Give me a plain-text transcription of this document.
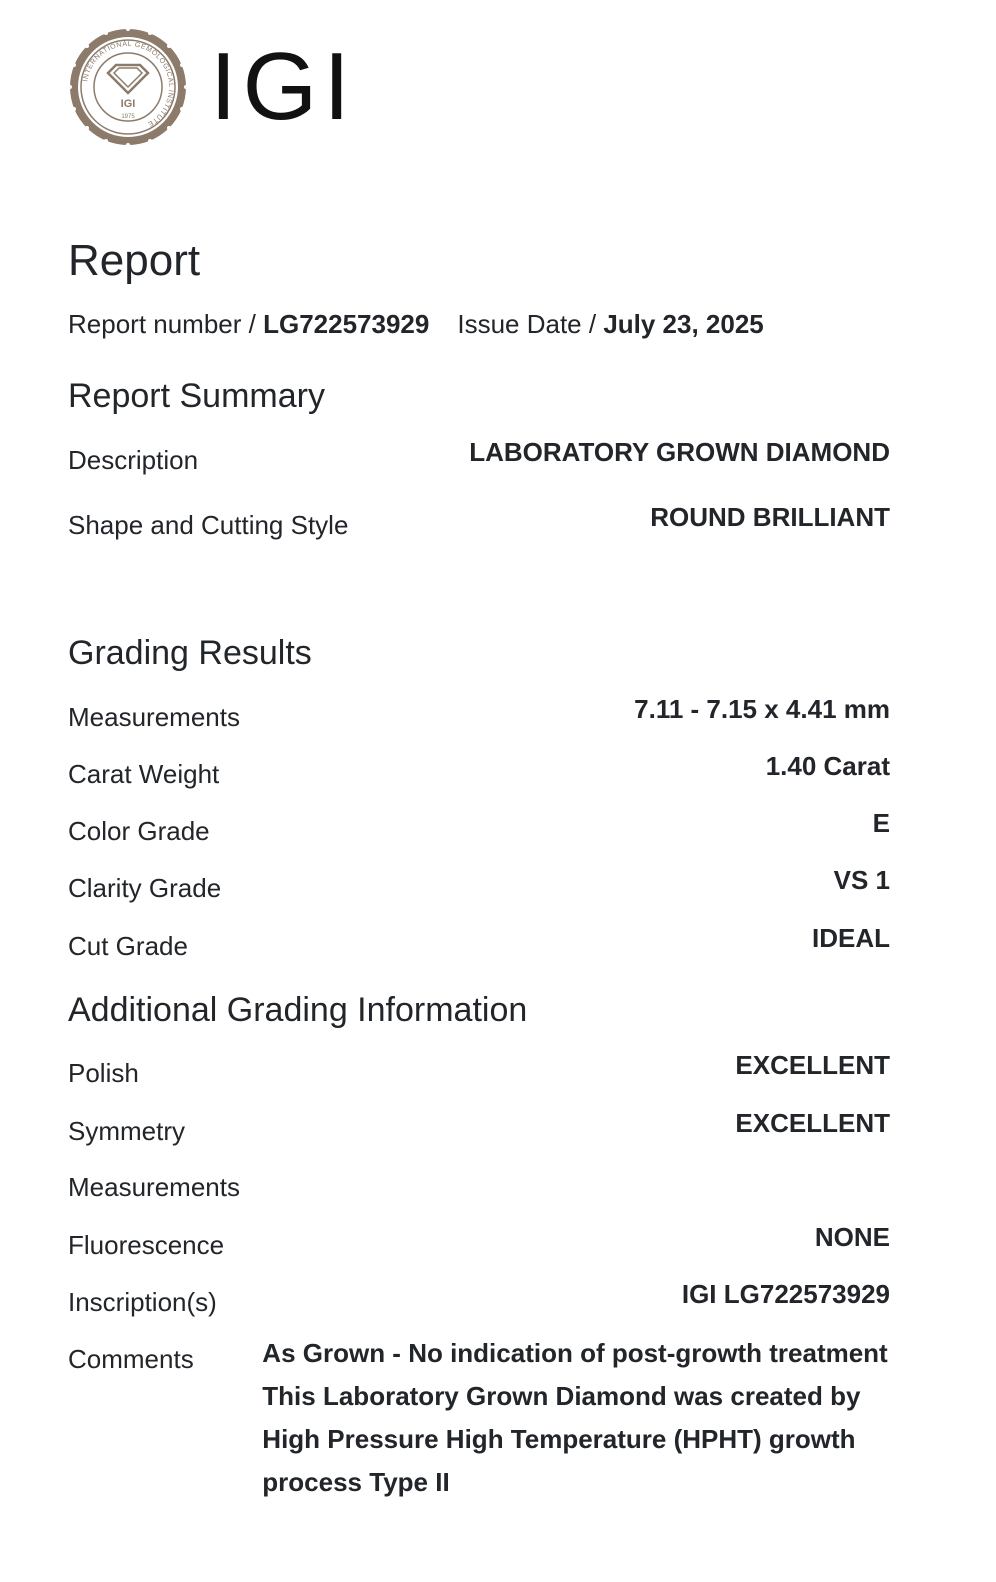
IGI
1975
INTERNATIONAL GEMOLOGICAL INSTITUTE IGI
Report
Report number / LG722573929 Issue Date / July 23, 2025
Report Summary
Description	LABORATORY GROWN DIAMOND
Shape and Cutting Style	ROUND BRILLIANT
Grading Results
Measurements	7.11 - 7.15 x 4.41 mm
Carat Weight	1.40 Carat
Color Grade	E
Clarity Grade	VS 1
Cut Grade	IDEAL
Additional Grading Information
Polish	EXCELLENT
Symmetry	EXCELLENT
Measurements
Fluorescence	NONE
Inscription(s)	IGI LG722573929
Comments	As Grown - No indication of post-growth treatment This Laboratory Grown Diamond was created by High Pressure High Temperature (HPHT) growth process Type II
